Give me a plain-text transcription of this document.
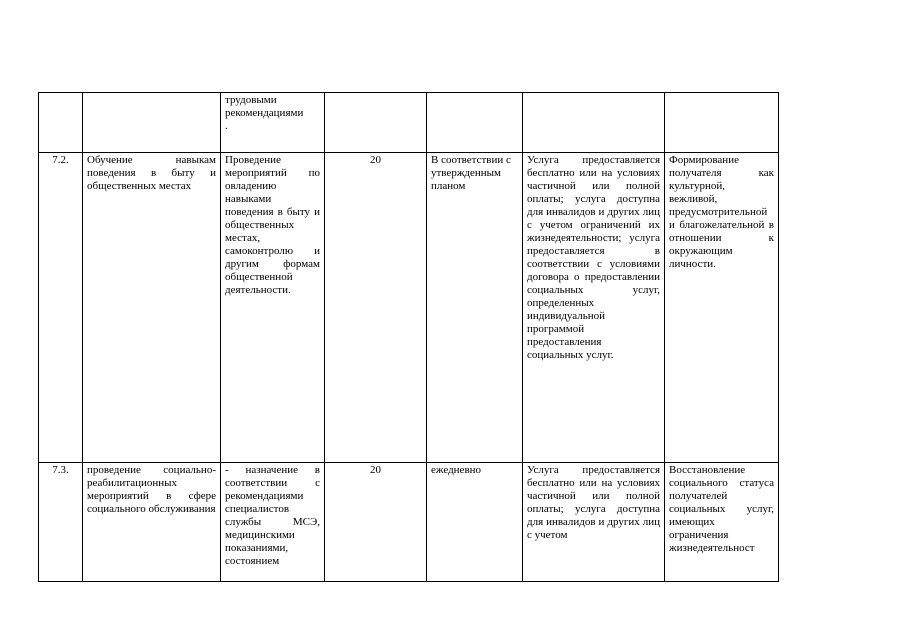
		трудовыми
рекомендациями
.				

7.2.	Обучение навыкам поведения в быту и общественных местах	Проведение мероприятий по овладению навыками поведения в быту и общественных местах, самоконтролю и другим формам общественной деятельности.	20	В соответствии с утвержденным планом	Услуга предоставляется бесплатно или на условиях частичной или полной оплаты; услуга доступна для инвалидов и других лиц с учетом ограничений их жизнедеятельности; услуга предоставляется в соответствии с условиями договора о предоставлении социальных услуг, определенных индивидуальной программой предоставления социальных услуг.	Формирование получателя как культурной, вежливой, предусмотрительной и благожелательной в отношении к окружающим личности.

7.3.	проведение социально-реабилитационных мероприятий в сфере социального обслуживания	- назначение в соответствии с рекомендациями специалистов службы МСЭ, медицинскими показаниями, состоянием	20	ежедневно	Услуга предоставляется бесплатно или на условиях частичной или полной оплаты; услуга доступна для инвалидов и других лиц с учетом	Восстановление социального статуса получателей социальных услуг, имеющих ограничения жизнедеятельност
